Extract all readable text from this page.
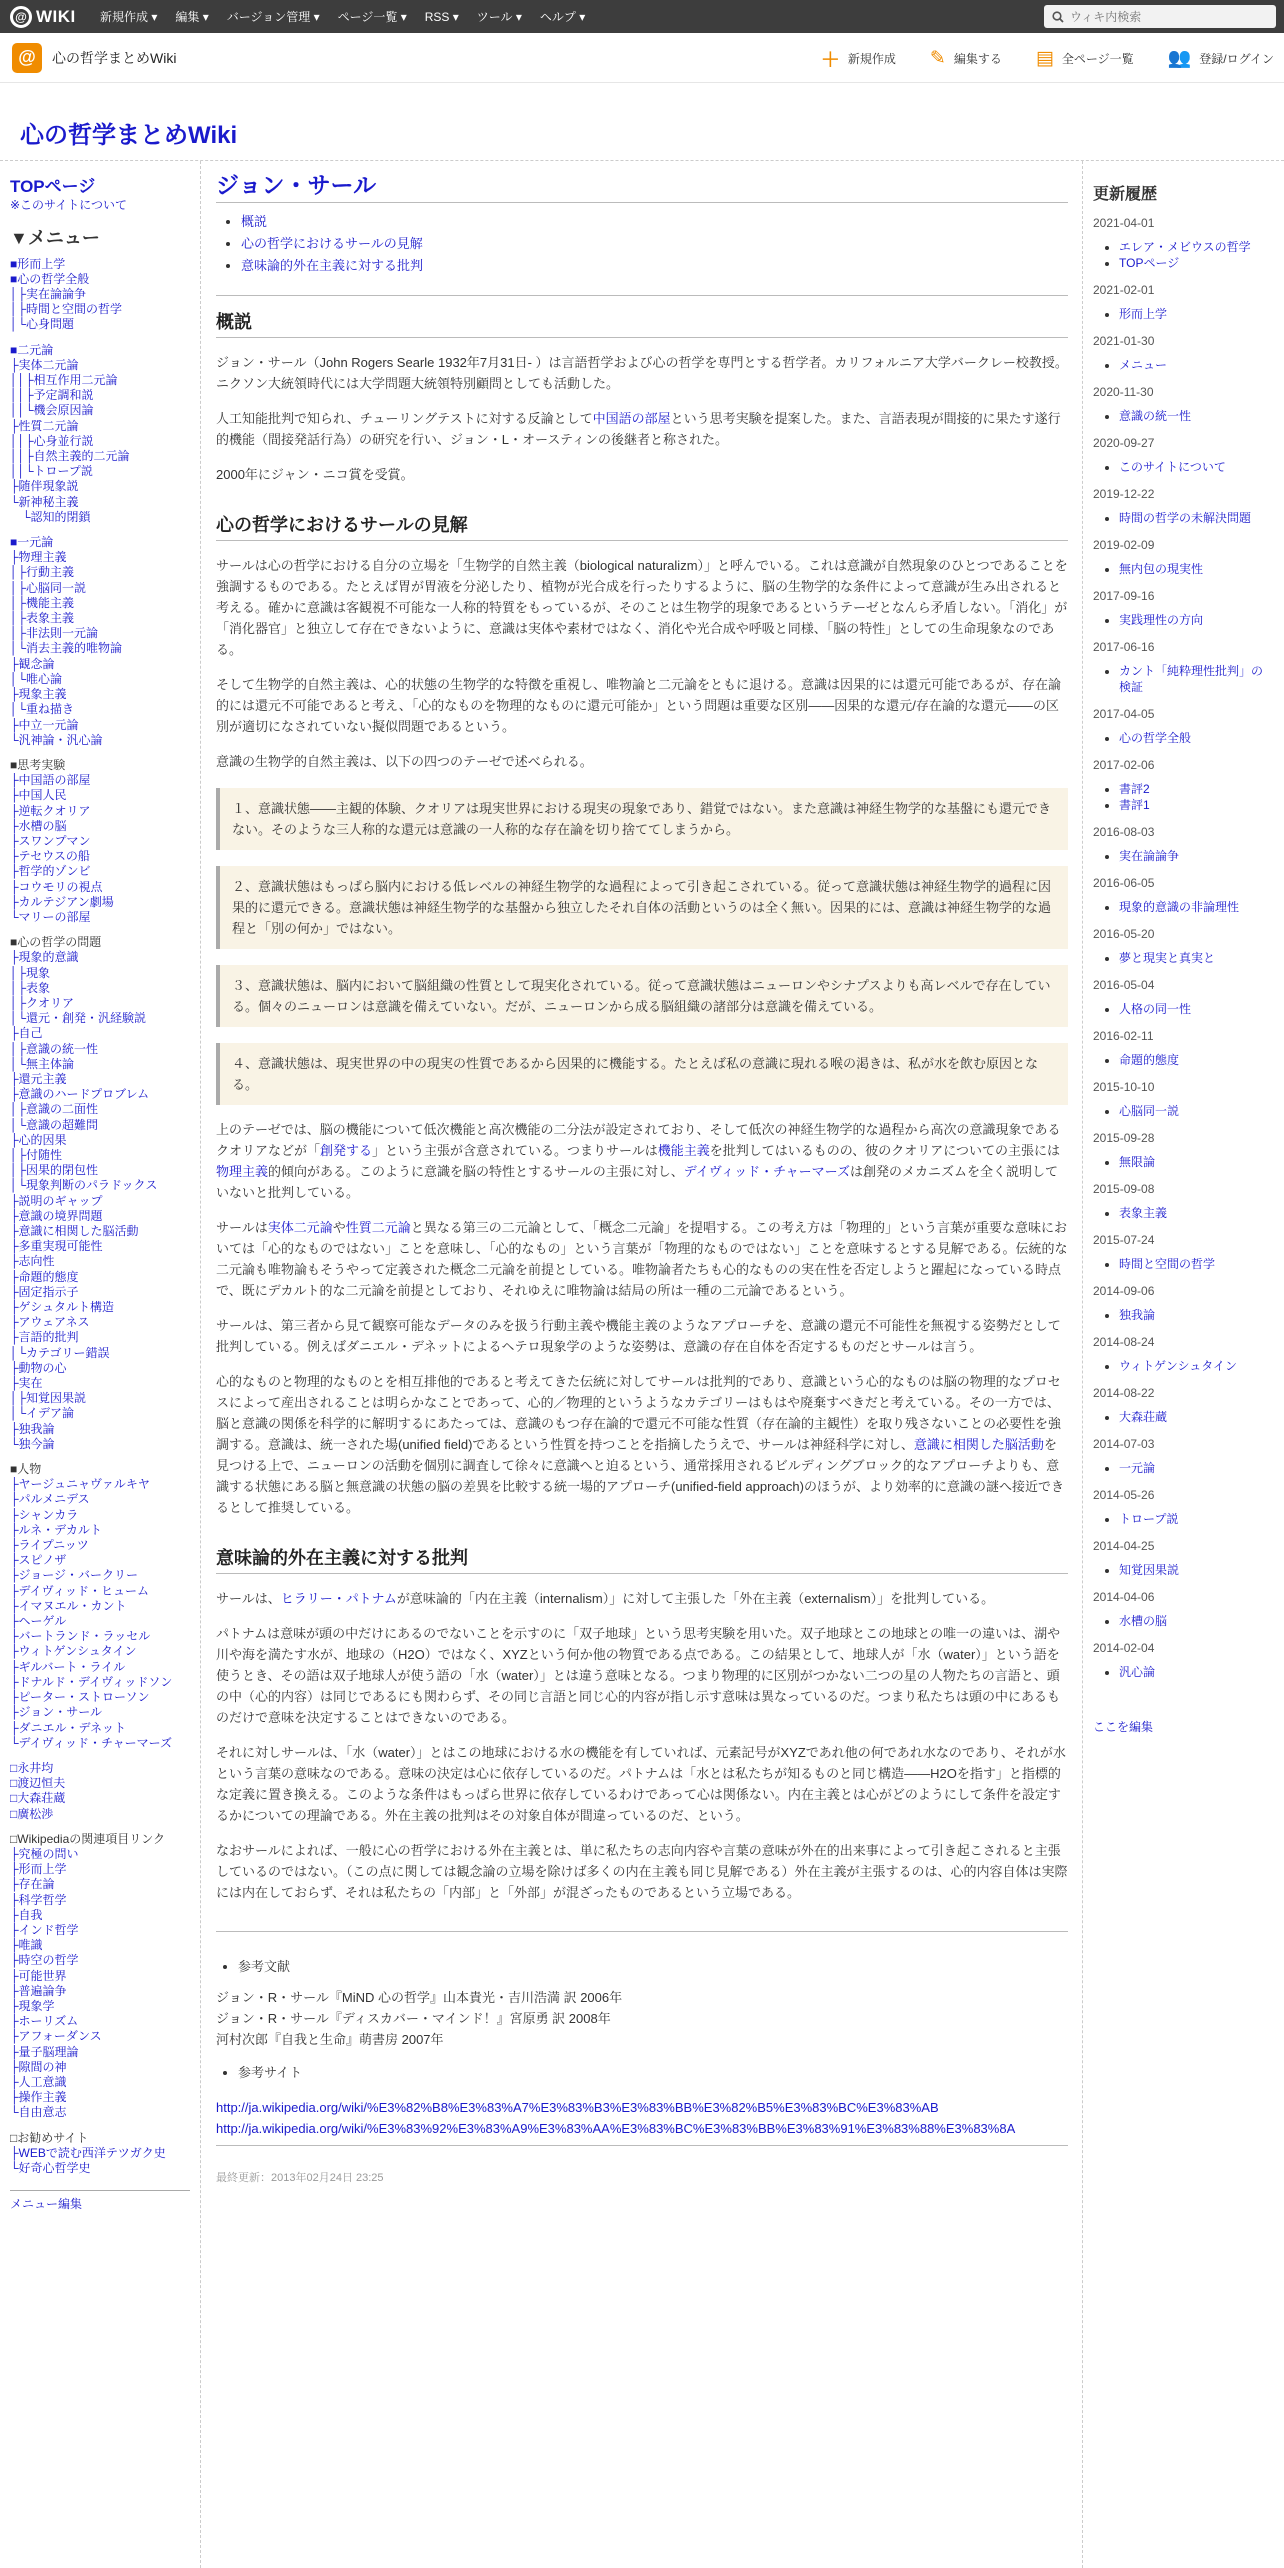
@ WIKI 新規作成 ▾ 編集 ▾ バージョン管理 ▾ ページ一覧 ▾ RSS ▾ ツール ▾ ヘルプ ▾
ウィキ内検索
@	心の哲学まとめWiki	＋ 新規作成 ✎ 編集する ▤ 全ページ一覧 👥 登録/ログイン
心の哲学まとめWiki
TOPページ
※このサイトについて
▼メニュー
■形而上学
■心の哲学全般
│├実在論論争
│├時間と空間の哲学
│└心身問題
■二元論
├実体二元論
││├相互作用二元論
││├予定調和説
││└機会原因論
├性質二元論
││├心身並行説
││├自然主義的二元論
││└トロープ説
├随伴現象説
└新神秘主義
　└認知的閉鎖
■一元論
├物理主義
│├行動主義
│├心脳同一説
│├機能主義
│├表象主義
│├非法則一元論
│└消去主義的唯物論
├観念論
│└唯心論
├現象主義
│└重ね描き
├中立一元論
└汎神論・汎心論
■思考実験
├中国語の部屋
├中国人民
├逆転クオリア
├水槽の脳
├スワンプマン
├テセウスの船
├哲学的ゾンビ
├コウモリの視点
├カルテジアン劇場
└マリーの部屋
■心の哲学の問題
├現象的意識
│├現象
│├表象
│├クオリア
│└還元・創発・汎経験説
├自己
│├意識の統一性
│└無主体論
├還元主義
├意識のハードプロブレム
│├意識の二面性
│└意識の超難問
├心的因果
│├付随性
│├因果的閉包性
│└現象判断のパラドックス
├説明のギャップ
├意識の境界問題
├意識に相関した脳活動
├多重実現可能性
├志向性
├命題的態度
├固定指示子
├ゲシュタルト構造
├アウェアネス
├言語的批判
│└カテゴリー錯誤
├動物の心
├実在
│├知覚因果説
│└イデア論
├独我論
└独今論
■人物
├ヤージュニャヴァルキヤ
├パルメニデス
├シャンカラ
├ルネ・デカルト
├ライプニッツ
├スピノザ
├ジョージ・バークリー
├デイヴィッド・ヒューム
├イマヌエル・カント
├ヘーゲル
├バートランド・ラッセル
├ウィトゲンシュタイン
├ギルバート・ライル
├ドナルド・デイヴィッドソン
├ピーター・ストローソン
├ジョン・サール
├ダニエル・デネット
└デイヴィッド・チャーマーズ
□永井均
□渡辺恒夫
□大森荘蔵
□廣松渉
□Wikipediaの関連項目リンク
├究極の問い
├形而上学
├存在論
├科学哲学
├自我
├インド哲学
├唯識
├時空の哲学
├可能世界
├普遍論争
├現象学
├ホーリズム
├アフォーダンス
├量子脳理論
├隙間の神
├人工意識
├操作主義
└自由意志
□お勧めサイト
├WEBで読む西洋テツガク史
└好奇心哲学史
メニュー編集
ジョン・サール
• 概説
• 心の哲学におけるサールの見解
• 意味論的外在主義に対する批判
概説

ジョン・サール（John Rogers Searle 1932年7月31日- ）は言語哲学および心の哲学を専門とする哲学者。カリフォルニア大学バークレー校教授。ニクソン大統領時代には大学問題大統領特別顧問としても活動した。

人工知能批判で知られ、チューリングテストに対する反論として中国語の部屋という思考実験を提案した。また、言語表現が間接的に果たす遂行的機能（間接発話行為）の研究を行い、ジョン・L・オースティンの後継者と称された。

2000年にジャン・ニコ賞を受賞。

心の哲学におけるサールの見解

サールは心の哲学における自分の立場を「生物学的自然主義（biological naturalizm）」と呼んでいる。これは意識が自然現象のひとつであることを強調するものである。たとえば胃が胃液を分泌したり、植物が光合成を行ったりするように、脳の生物学的な条件によって意識が生み出されると考える。確かに意識は客観視不可能な一人称的特質をもっているが、そのことは生物学的現象であるというテーゼとなんら矛盾しない。「消化」が「消化器官」と独立して存在できないように、意識は実体や素材ではなく、消化や光合成や呼吸と同様、「脳の特性」としての生命現象なのである。

そして生物学的自然主義は、心的状態の生物学的な特徴を重視し、唯物論と二元論をともに退ける。意識は因果的には還元可能であるが、存在論的には還元不可能であると考え、「心的なものを物理的なものに還元可能か」という問題は重要な区別――因果的な還元/存在論的な還元――の区別が適切になされていない擬似問題であるという。

意識の生物学的自然主義は、以下の四つのテーゼで述べられる。

１、意識状態――主観的体験、クオリアは現実世界における現実の現象であり、錯覚ではない。また意識は神経生物学的な基盤にも還元できない。そのような三人称的な還元は意識の一人称的な存在論を切り捨ててしまうから。
２、意識状態はもっぱら脳内における低レベルの神経生物学的な過程によって引き起こされている。従って意識状態は神経生物学的過程に因果的に還元できる。意識状態は神経生物学的な基盤から独立したそれ自体の活動というのは全く無い。因果的には、意識は神経生物学的な過程と「別の何か」ではない。
３、意識状態は、脳内において脳組織の性質として現実化されている。従って意識状態はニューロンやシナプスよりも高レベルで存在している。個々のニューロンは意識を備えていない。だが、ニューロンから成る脳組織の諸部分は意識を備えている。
４、意識状態は、現実世界の中の現実の性質であるから因果的に機能する。たとえば私の意識に現れる喉の渇きは、私が水を飲む原因となる。

上のテーゼでは、脳の機能について低次機能と高次機能の二分法が設定されており、そして低次の神経生物学的な過程から高次の意識現象であるクオリアなどが「創発する」という主張が含意されている。つまりサールは機能主義を批判してはいるものの、彼のクオリアについての主張には物理主義的傾向がある。このように意識を脳の特性とするサールの主張に対し、デイヴィッド・チャーマーズは創発のメカニズムを全く説明していないと批判している。

サールは実体二元論や性質二元論と異なる第三の二元論として、「概念二元論」を提唱する。この考え方は「物理的」という言葉が重要な意味においては「心的なものではない」ことを意味し、「心的なもの」という言葉が「物理的なものではない」ことを意味するとする見解である。伝統的な二元論も唯物論もそうやって定義された概念二元論を前提としている。唯物論者たちも心的なものの実在性を否定しようと躍起になっている時点で、既にデカルト的な二元論を前提としており、それゆえに唯物論は結局の所は一種の二元論であるという。

サールは、第三者から見て観察可能なデータのみを扱う行動主義や機能主義のようなアプローチを、意識の還元不可能性を無視する姿勢だとして批判している。例えばダニエル・デネットによるヘテロ現象学のような姿勢は、意識の存在自体を否定するものだとサールは言う。

心的なものと物理的なものとを相互排他的であると考えてきた伝統に対してサールは批判的であり、意識という心的なものは脳の物理的なプロセスによって産出されることは明らかなことであって、心的／物理的というようなカテゴリーはもはや廃棄すべきだと考えている。その一方では、脳と意識の関係を科学的に解明するにあたっては、意識のもつ存在論的で還元不可能な性質（存在論的主観性）を取り残さないことの必要性を強調する。意識は、統一された場(unified field)であるという性質を持つことを指摘したうえで、サールは神経科学に対し、意識に相関した脳活動を見つける上で、ニューロンの活動を個別に調査して徐々に意識へと迫るという、通常採用されるビルディングブロック的なアプローチよりも、意識する状態にある脳と無意識の状態の脳の差異を比較する統一場的アプローチ(unified-field approach)のほうが、より効率的に意識の謎へ接近できるとして推奨している。

意味論的外在主義に対する批判

サールは、ヒラリー・パトナムが意味論的「内在主義（internalism）」に対して主張した「外在主義（externalism）」を批判している。

パトナムは意味が頭の中だけにあるのでないことを示すのに「双子地球」という思考実験を用いた。双子地球とこの地球との唯一の違いは、湖や川や海を満たす水が、地球の（H2O）ではなく、XYZという何か他の物質である点である。この結果として、地球人が「水（water）」という語を使うとき、その語は双子地球人が使う語の「水（water）」とは違う意味となる。つまり物理的に区別がつかない二つの星の人物たちの言語と、頭の中（心的内容）は同じであるにも関わらず、その同じ言語と同じ心的内容が指し示す意味は異なっているのだ。つまり私たちは頭の中にあるものだけで意味を決定することはできないのである。

それに対しサールは、「水（water）」とはこの地球における水の機能を有していれば、元素記号がXYZであれ他の何であれ水なのであり、それが水という言葉の意味なのである。意味の決定は心に依存しているのだ。パトナムは「水とは私たちが知るものと同じ構造――H2Oを指す」と指標的な定義に置き換える。このような条件はもっぱら世界に依存しているわけであって心は関係ない。内在主義とは心がどのようにして条件を設定するかについての理論である。外在主義の批判はその対象自体が間違っているのだ、という。

なおサールによれば、一般に心の哲学における外在主義とは、単に私たちの志向内容や言葉の意味が外在的出来事によって引き起こされると主張しているのではない。（この点に関しては観念論の立場を除けば多くの内在主義も同じ見解である）外在主義が主張するのは、心的内容自体は実際には内在しておらず、それは私たちの「内部」と「外部」が混ざったものであるという立場である。

• 参考文献
ジョン・R・サール『MiND 心の哲学』山本貴光・吉川浩満 訳 2006年
ジョン・R・サール『ディスカバー・マインド！』宮原勇 訳 2008年
河村次郎『自我と生命』萌書房 2007年
• 参考サイト
http://ja.wikipedia.org/wiki/%E3%82%B8%E3%83%A7%E3%83%B3%E3%83%BB%E3%82%B5%E3%83%BC%E3%83%AB
http://ja.wikipedia.org/wiki/%E3%83%92%E3%83%A9%E3%83%AA%E3%83%BC%E3%83%BB%E3%83%91%E3%83%88%E3%83%8A
最終更新：2013年02月24日 23:25
更新履歴
2021-04-01
• エレア・メビウスの哲学
• TOPページ
2021-02-01
• 形而上学
2021-01-30
• メニュー
2020-11-30
• 意識の統一性
2020-09-27
• このサイトについて
2019-12-22
• 時間の哲学の未解決問題
2019-02-09
• 無内包の現実性
2017-09-16
• 実践理性の方向
2017-06-16
• カント「純粋理性批判」の検証
2017-04-05
• 心の哲学全般
2017-02-06
• 書評2
• 書評1
2016-08-03
• 実在論論争
2016-06-05
• 現象的意識の非論理性
2016-05-20
• 夢と現実と真実と
2016-05-04
• 人格の同一性
2016-02-11
• 命題的態度
2015-10-10
• 心脳同一説
2015-09-28
• 無限論
2015-09-08
• 表象主義
2015-07-24
• 時間と空間の哲学
2014-09-06
• 独我論
2014-08-24
• ウィトゲンシュタイン
2014-08-22
• 大森荘蔵
2014-07-03
• 一元論
2014-05-26
• トロープ説
2014-04-25
• 知覚因果説
2014-04-06
• 水槽の脳
2014-02-04
• 汎心論
ここを編集
